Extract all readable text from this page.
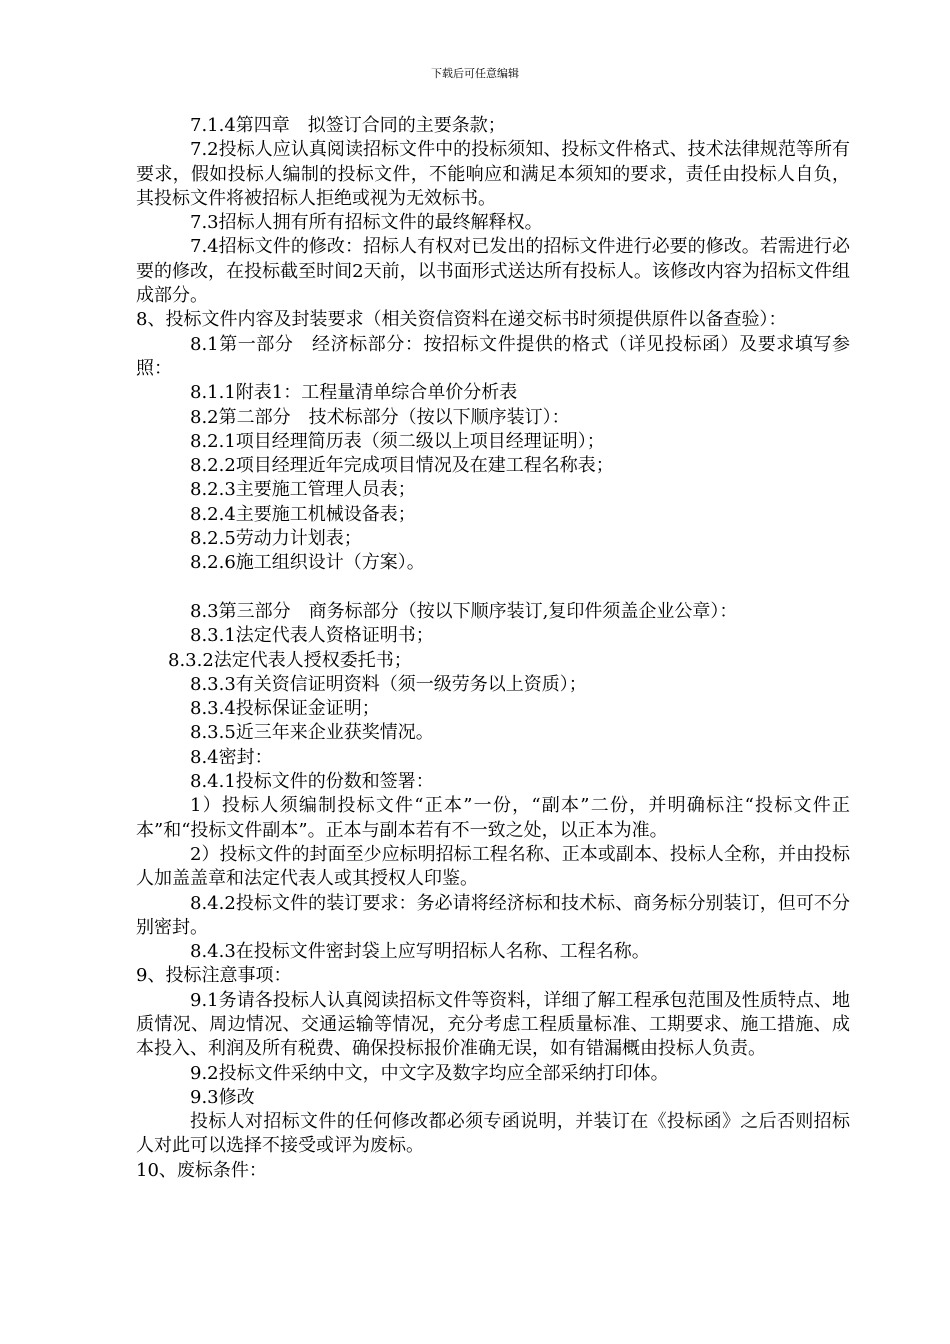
下载后可任意编辑

7.1.4第四章　拟签订合同的主要条款；

7.2投标人应认真阅读招标文件中的投标须知、投标文件格式、技术法律规范等所有要求，假如投标人编制的投标文件，不能响应和满足本须知的要求，责任由投标人自负，其投标文件将被招标人拒绝或视为无效标书。

7.3招标人拥有所有招标文件的最终解释权。

7.4招标文件的修改：招标人有权对已发出的招标文件进行必要的修改。若需进行必要的修改，在投标截至时间2天前，以书面形式送达所有投标人。该修改内容为招标文件组成部分。

8、投标文件内容及封装要求（相关资信资料在递交标书时须提供原件以备查验）：

8.1第一部分　经济标部分：按招标文件提供的格式（详见投标函）及要求填写参照：

8.1.1附表1：工程量清单综合单价分析表

8.2第二部分　技术标部分（按以下顺序装订）：

8.2.1项目经理简历表（须二级以上项目经理证明）；

8.2.2项目经理近年完成项目情况及在建工程名称表；

8.2.3主要施工管理人员表；

8.2.4主要施工机械设备表；

8.2.5劳动力计划表；

8.2.6施工组织设计（方案）。

8.3第三部分　商务标部分（按以下顺序装订,复印件须盖企业公章）：

8.3.1法定代表人资格证明书；

8.3.2法定代表人授权委托书；

8.3.3有关资信证明资料（须一级劳务以上资质）；

8.3.4投标保证金证明；

8.3.5近三年来企业获奖情况。

8.4密封：

8.4.1投标文件的份数和签署：

1）投标人须编制投标文件“正本”一份，“副本”二份，并明确标注“投标文件正本”和“投标文件副本”。正本与副本若有不一致之处，以正本为准。

2）投标文件的封面至少应标明招标工程名称、正本或副本、投标人全称，并由投标人加盖盖章和法定代表人或其授权人印鉴。

8.4.2投标文件的装订要求：务必请将经济标和技术标、商务标分别装订，但可不分别密封。

8.4.3在投标文件密封袋上应写明招标人名称、工程名称。

9、投标注意事项：

9.1务请各投标人认真阅读招标文件等资料，详细了解工程承包范围及性质特点、地质情况、周边情况、交通运输等情况，充分考虑工程质量标准、工期要求、施工措施、成本投入、利润及所有税费、确保投标报价准确无误，如有错漏概由投标人负责。

9.2投标文件采纳中文，中文字及数字均应全部采纳打印体。

9.3修改

投标人对招标文件的任何修改都必须专函说明，并装订在《投标函》之后否则招标人对此可以选择不接受或评为废标。

10、废标条件：
